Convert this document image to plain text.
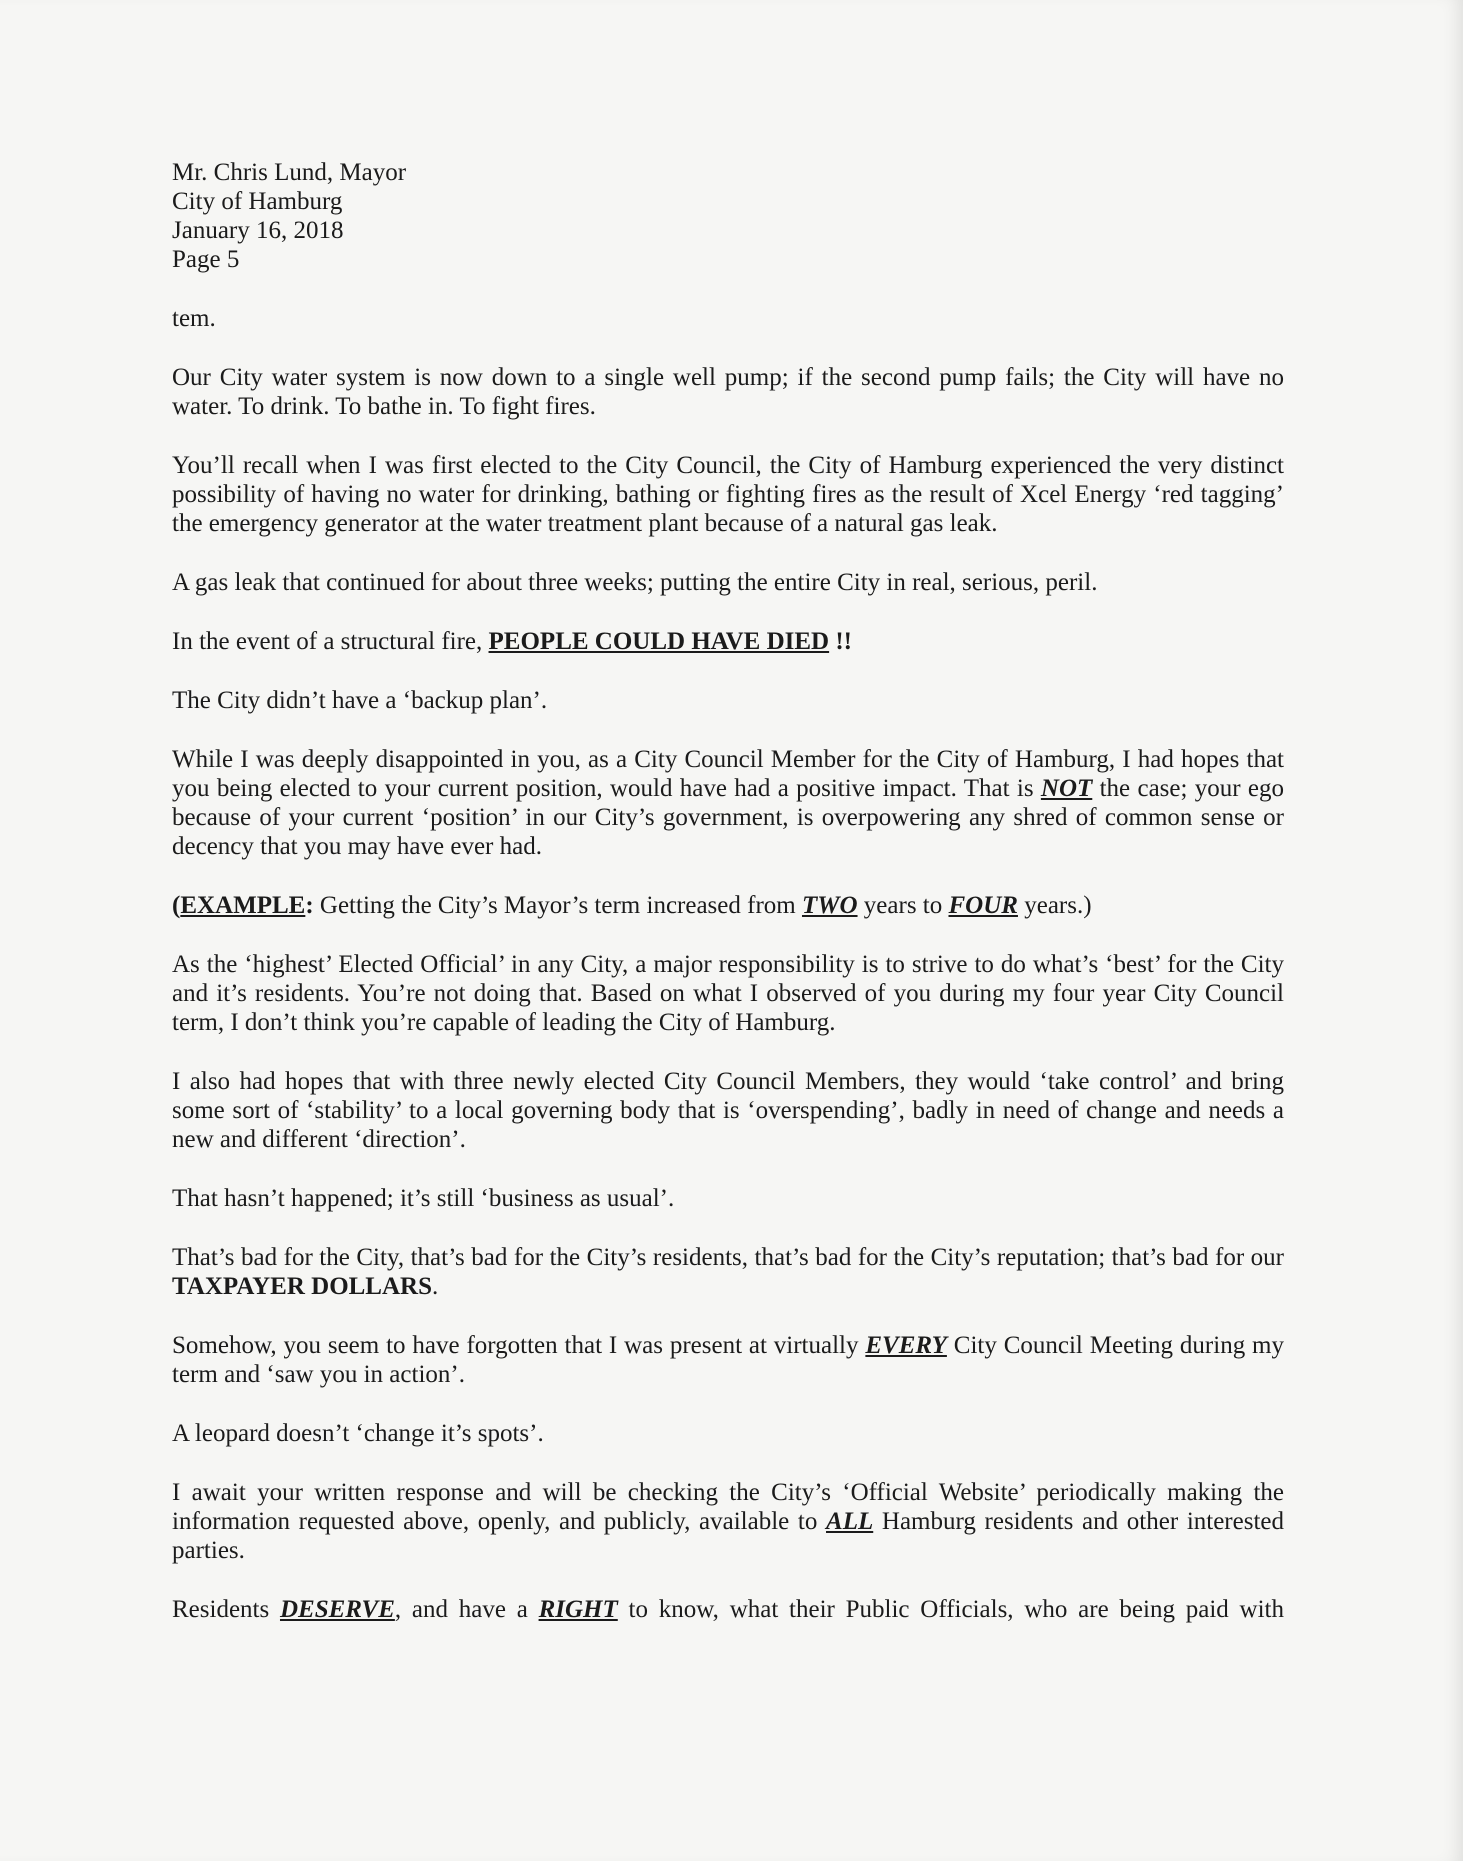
Mr. Chris Lund, Mayor
City of Hamburg
January 16, 2018
Page 5

tem.

Our City water system is now down to a single well pump; if the second pump fails; the City will have no water. To drink. To bathe in. To fight fires.

You’ll recall when I was first elected to the City Council, the City of Hamburg experienced the very distinct possibility of having no water for drinking, bathing or fighting fires as the result of Xcel Energy ‘red tagging’ the emergency generator at the water treatment plant because of a natural gas leak.

A gas leak that continued for about three weeks; putting the entire City in real, serious, peril.

In the event of a structural fire, PEOPLE COULD HAVE DIED !!

The City didn’t have a ‘backup plan’.

While I was deeply disappointed in you, as a City Council Member for the City of Hamburg, I had hopes that you being elected to your current position, would have had a positive impact. That is NOT the case; your ego because of your current ‘position’ in our City’s government, is overpowering any shred of common sense or decency that you may have ever had.

(EXAMPLE: Getting the City’s Mayor’s term increased from TWO years to FOUR years.)

As the ‘highest’ Elected Official’ in any City, a major responsibility is to strive to do what’s ‘best’ for the City and it’s residents. You’re not doing that. Based on what I observed of you during my four year City Council term, I don’t think you’re capable of leading the City of Hamburg.

I also had hopes that with three newly elected City Council Members, they would ‘take control’ and bring some sort of ‘stability’ to a local governing body that is ‘overspending’, badly in need of change and needs a new and different ‘direction’.

That hasn’t happened; it’s still ‘business as usual’.

That’s bad for the City, that’s bad for the City’s residents, that’s bad for the City’s reputation; that’s bad for our TAXPAYER DOLLARS.

Somehow, you seem to have forgotten that I was present at virtually EVERY City Council Meeting during my term and ‘saw you in action’.

A leopard doesn’t ‘change it’s spots’.

I await your written response and will be checking the City’s ‘Official Website’ periodically making the information requested above, openly, and publicly, available to ALL Hamburg residents and other interested parties.

Residents DESERVE, and have a RIGHT to know, what their Public Officials, who are being paid with
